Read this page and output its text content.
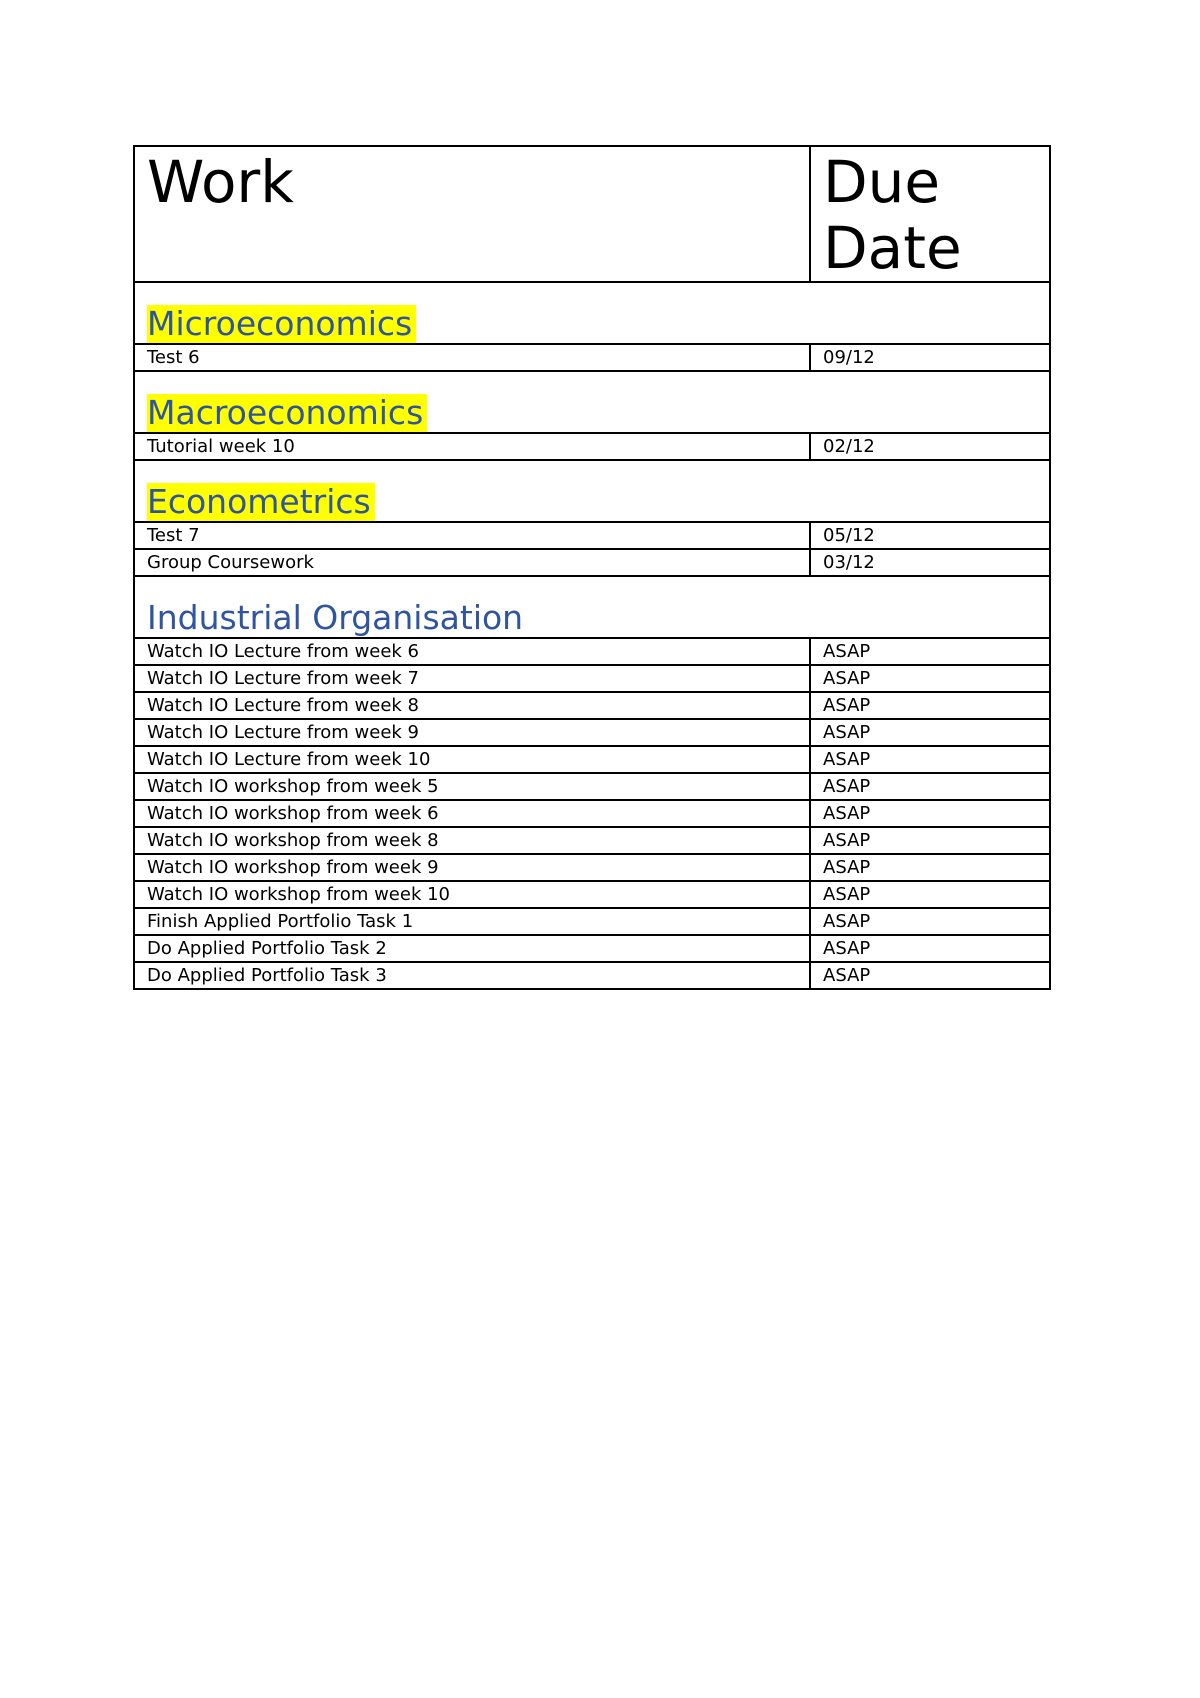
Work	Due Date
Microeconomics	
Test 6	09/12
Macroeconomics	
Tutorial week 10	02/12
Econometrics	
Test 7	05/12
Group Coursework	03/12
Industrial Organisation	
Watch IO Lecture from week 6	ASAP
Watch IO Lecture from week 7	ASAP
Watch IO Lecture from week 8	ASAP
Watch IO Lecture from week 9	ASAP
Watch IO Lecture from week 10	ASAP
Watch IO workshop from week 5	ASAP
Watch IO workshop from week 6	ASAP
Watch IO workshop from week 8	ASAP
Watch IO workshop from week 9	ASAP
Watch IO workshop from week 10	ASAP
Finish Applied Portfolio Task 1	ASAP
Do Applied Portfolio Task 2	ASAP
Do Applied Portfolio Task 3	ASAP
